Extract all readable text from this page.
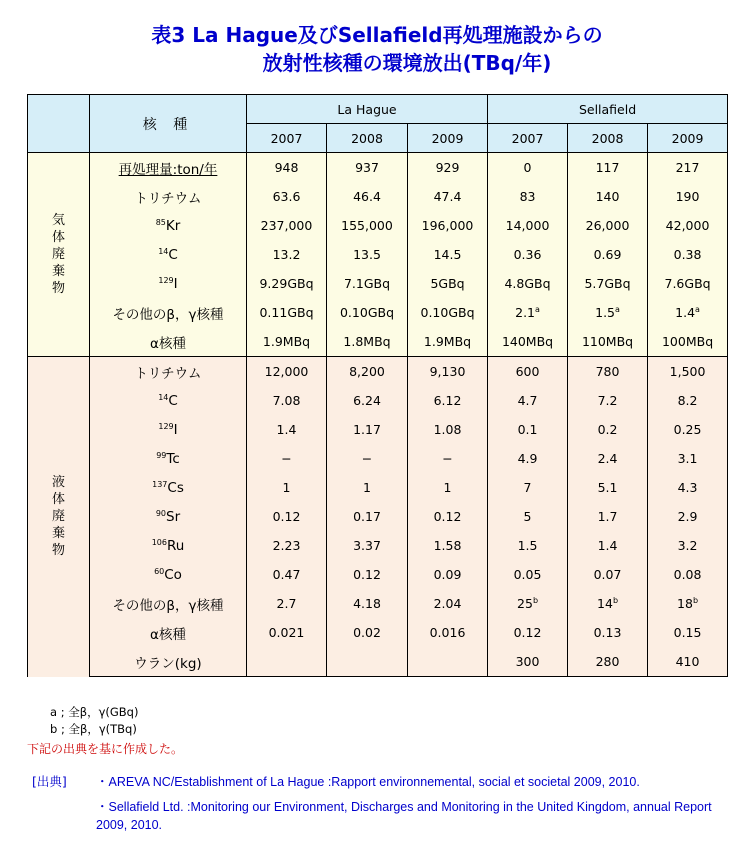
表3 La Hague及びSellafield再処理施設からの
放射性核種の環境放出(TBq/年)
	核 種	La Hague			Sellafield		
		2007	2008	2009	2007	2008	2009
気
体
廃
棄
物	再処理量:ton/年	948	937	929	0	117	217
	トリチウム	63.6	46.4	47.4	83	140	190
	$^{85}$Kr	237,000	155,000	196,000	14,000	26,000	42,000
	$^{14}$C	13.2	13.5	14.5	0.36	0.69	0.38
	$^{129}$I	9.29GBq	7.1GBq	5GBq	4.8GBq	5.7GBq	7.6GBq
	その他のβ，γ核種	0.11GBq	0.10GBq	0.10GBq	2.1$^a$	1.5$^a$	1.4$^a$
	α核種	1.9MBq	1.8MBq	1.9MBq	140MBq	110MBq	100MBq
液
体
廃
棄
物	トリチウム	12,000	8,200	9,130	600	780	1,500
	$^{14}$C	7.08	6.24	6.12	4.7	7.2	8.2
	$^{129}$I	1.4	1.17	1.08	0.1	0.2	0.25
	$^{99}$Tc	−	−	−	4.9	2.4	3.1
	$^{137}$Cs	1	1	1	7	5.1	4.3
	$^{90}$Sr	0.12	0.17	0.12	5	1.7	2.9
	$^{106}$Ru	2.23	3.37	1.58	1.5	1.4	3.2
	$^{60}$Co	0.47	0.12	0.09	0.05	0.07	0.08
	その他のβ，γ核種	2.7	4.18	2.04	25$^b$	14$^b$	18$^b$
	α核種	0.021	0.02	0.016	0.12	0.13	0.15
	ウラン(kg)				300	280	410
a ; 全β，γ(GBq)
b ; 全β，γ(TBq)
下記の出典を基に作成した。
[出典] ・AREVA NC/Establishment of La Hague :Rapport environnemental, social et societal 2009, 2010.
・Sellafield Ltd. :Monitoring our Environment, Discharges and Monitoring in the United Kingdom, annual Report 2009, 2010.
